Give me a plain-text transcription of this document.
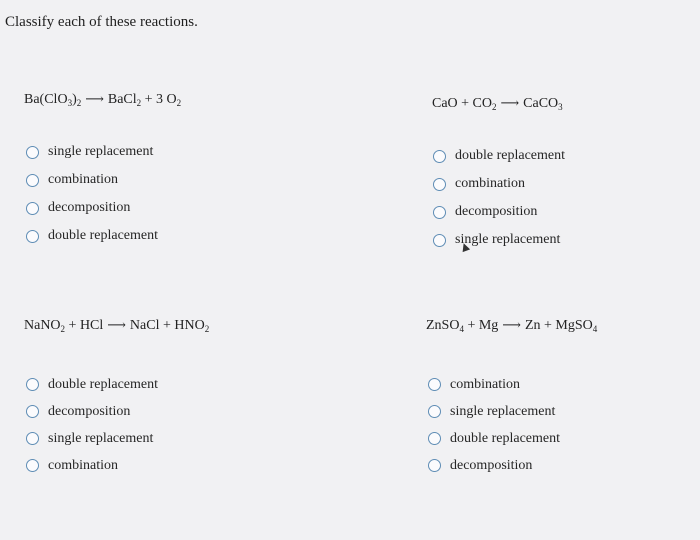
Classify each of these reactions.
$Ba(ClO_3)_2$ ⟶ BaCl$_2$ + 3 $O_2$
single replacement
combination
decomposition
double replacement
CaO + $CO_2$ ⟶ CaCO$_3$
double replacement
combination
decomposition
single replacement
NaNO$_2$ + HCl ⟶ NaCl + $HNO_2$
double replacement
decomposition
single replacement
combination
ZnSO$_4$ + Mg ⟶ Zn + MgSO$_4$
combination
single replacement
double replacement
decomposition
